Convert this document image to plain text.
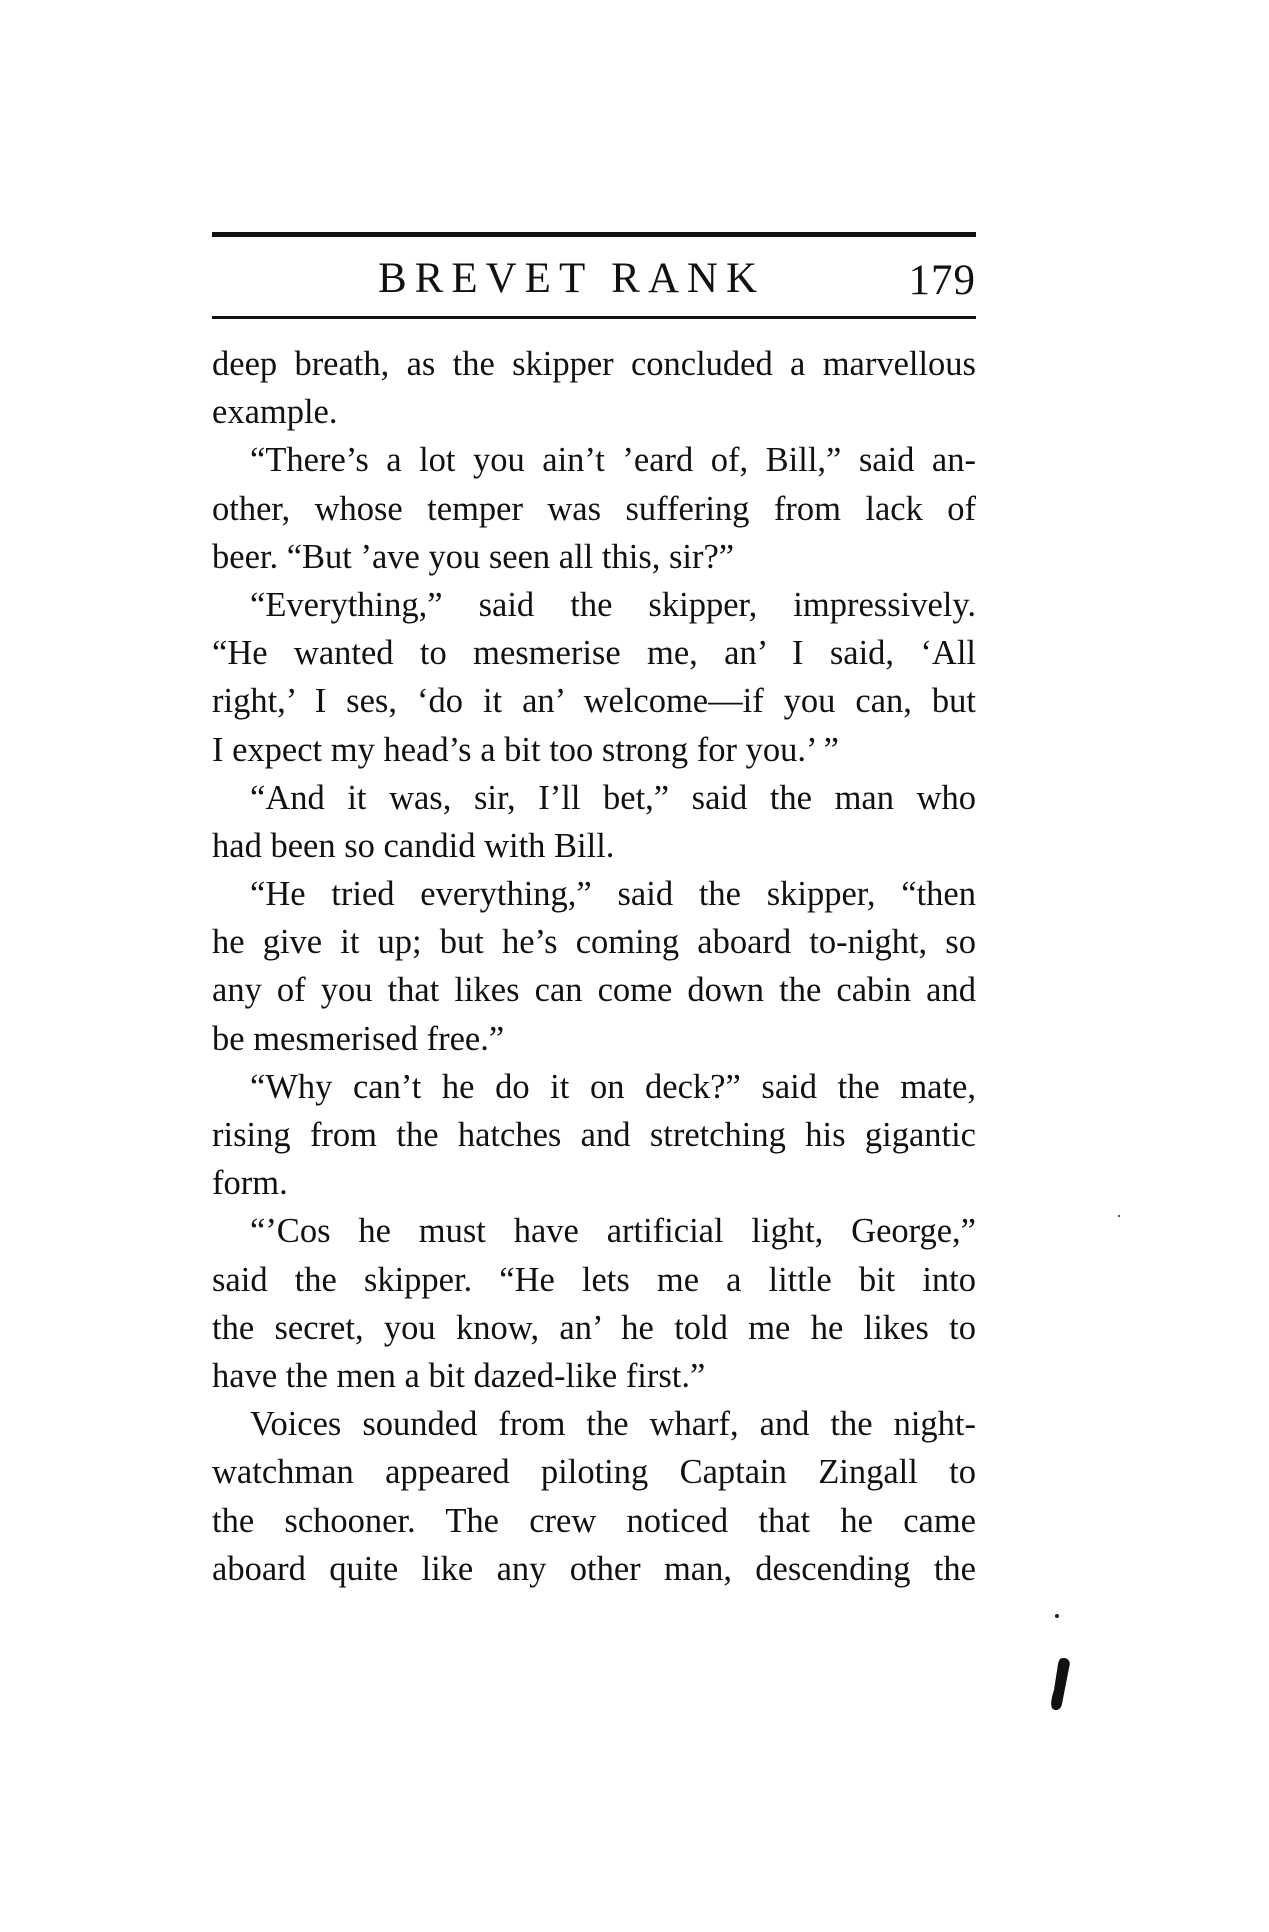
BREVET RANK	179
deep breath, as the skipper concluded a marvellous
example.
“There’s a lot you ain’t ’eard of, Bill,” said an-
other, whose temper was suffering from lack of
beer. “But ’ave you seen all this, sir?”
“Everything,” said the skipper, impressively.
“He wanted to mesmerise me, an’ I said, ‘All
right,’ I ses, ‘do it an’ welcome—if you can, but
I expect my head’s a bit too strong for you.’ ”
“And it was, sir, I’ll bet,” said the man who
had been so candid with Bill.
“He tried everything,” said the skipper, “then
he give it up; but he’s coming aboard to-night, so
any of you that likes can come down the cabin and
be mesmerised free.”
“Why can’t he do it on deck?” said the mate,
rising from the hatches and stretching his gigantic
form.
“’Cos he must have artificial light, George,”
said the skipper. “He lets me a little bit into
the secret, you know, an’ he told me he likes to
have the men a bit dazed-like first.”
Voices sounded from the wharf, and the night-
watchman appeared piloting Captain Zingall to
the schooner. The crew noticed that he came
aboard quite like any other man, descending the
